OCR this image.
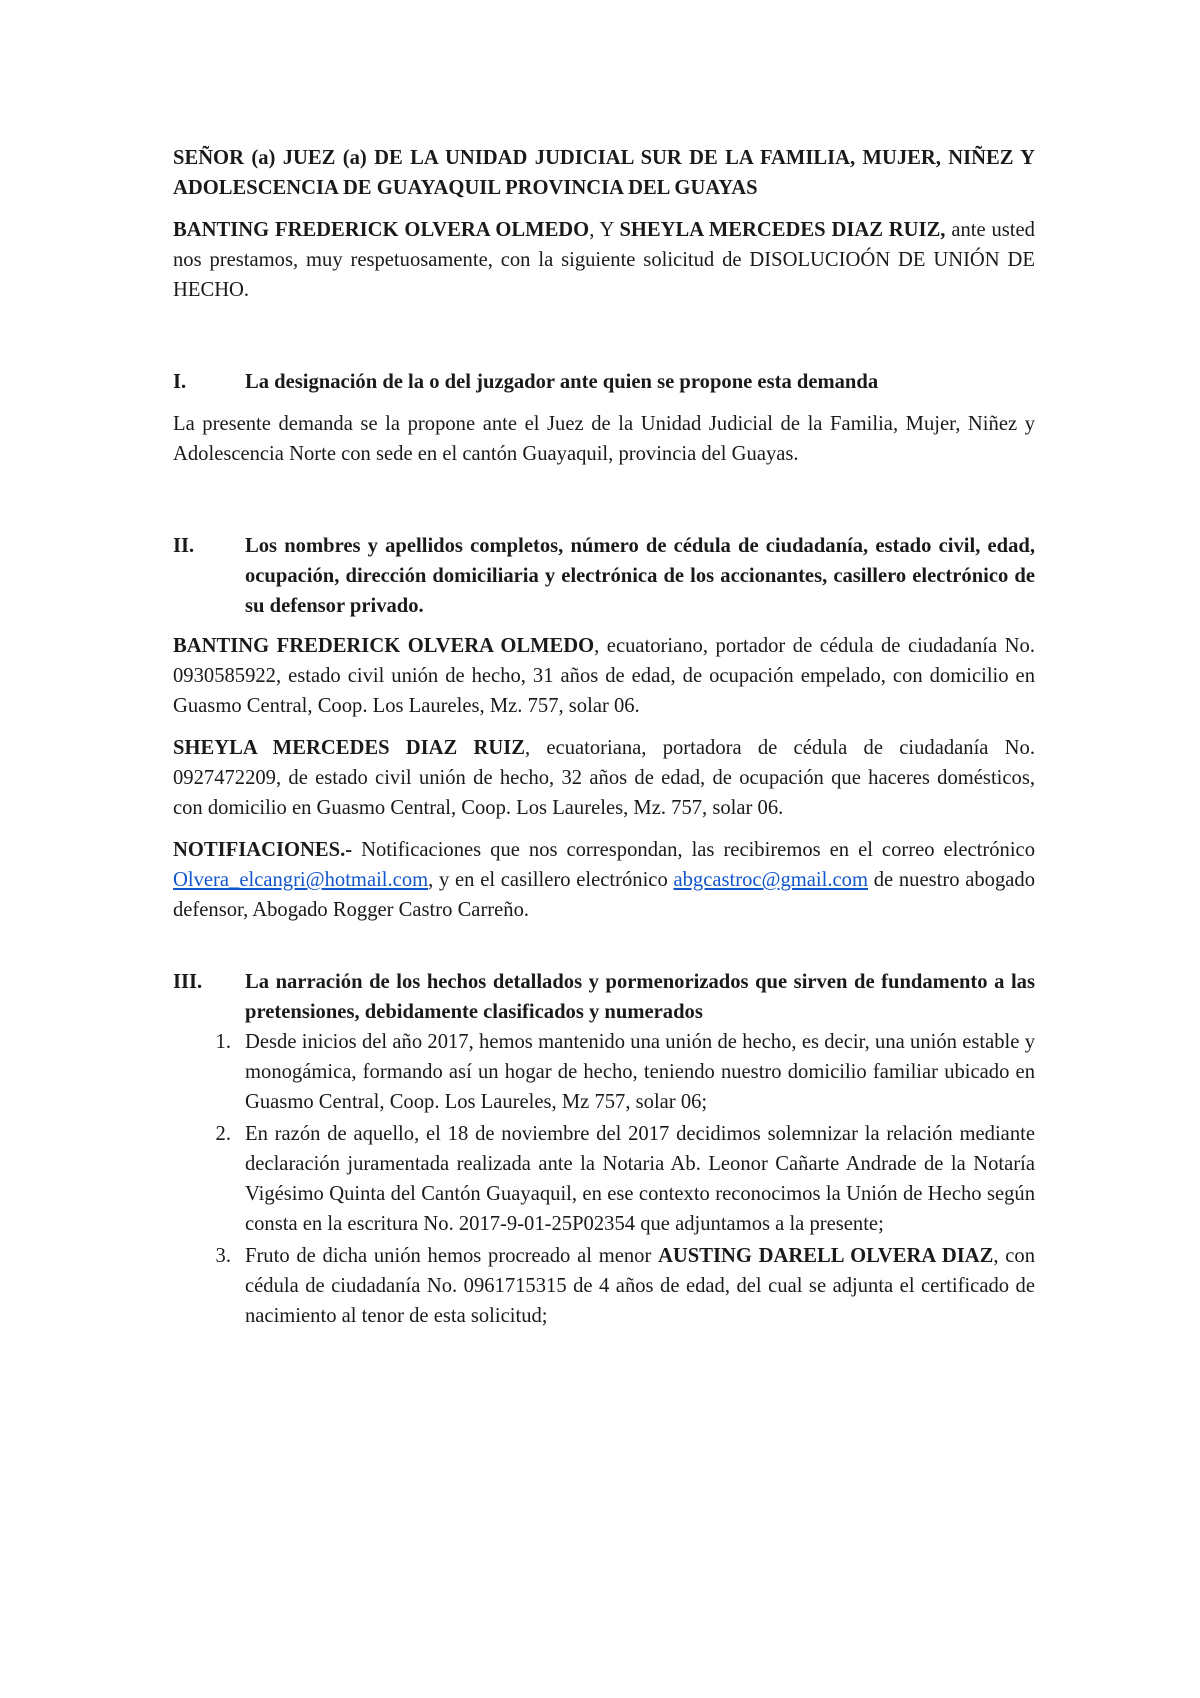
SEÑOR (a) JUEZ (a) DE LA UNIDAD JUDICIAL SUR DE LA FAMILIA, MUJER, NIÑEZ Y ADOLESCENCIA DE GUAYAQUIL PROVINCIA DEL GUAYAS

BANTING FREDERICK OLVERA OLMEDO, Y SHEYLA MERCEDES DIAZ RUIZ, ante usted nos prestamos, muy respetuosamente, con la siguiente solicitud de DISOLUCIOÓN DE UNIÓN DE HECHO.

I.	La designación de la o del juzgador ante quien se propone esta demanda

La presente demanda se la propone ante el Juez de la Unidad Judicial de la Familia, Mujer, Niñez y Adolescencia Norte con sede en el cantón Guayaquil, provincia del Guayas.

II.	Los nombres y apellidos completos, número de cédula de ciudadanía, estado civil, edad, ocupación, dirección domiciliaria y electrónica de los accionantes, casillero electrónico de su defensor privado.

BANTING FREDERICK OLVERA OLMEDO, ecuatoriano, portador de cédula de ciudadanía No. 0930585922, estado civil unión de hecho, 31 años de edad, de ocupación empelado, con domicilio en Guasmo Central, Coop. Los Laureles, Mz. 757, solar 06.

SHEYLA MERCEDES DIAZ RUIZ, ecuatoriana, portadora de cédula de ciudadanía No. 0927472209, de estado civil unión de hecho, 32 años de edad, de ocupación que haceres domésticos, con domicilio en Guasmo Central, Coop. Los Laureles, Mz. 757, solar 06.

NOTIFIACIONES.- Notificaciones que nos correspondan, las recibiremos en el correo electrónico Olvera_elcangri@hotmail.com, y en el casillero electrónico abgcastroc@gmail.com de nuestro abogado defensor, Abogado Rogger Castro Carreño.

III.	La narración de los hechos detallados y pormenorizados que sirven de fundamento a las pretensiones, debidamente clasificados y numerados
1. Desde inicios del año 2017, hemos mantenido una unión de hecho, es decir, una unión estable y monogámica, formando así un hogar de hecho, teniendo nuestro domicilio familiar ubicado en Guasmo Central, Coop. Los Laureles, Mz 757, solar 06;
2. En razón de aquello, el 18 de noviembre del 2017 decidimos solemnizar la relación mediante declaración juramentada realizada ante la Notaria Ab. Leonor Cañarte Andrade de la Notaría Vigésimo Quinta del Cantón Guayaquil, en ese contexto reconocimos la Unión de Hecho según consta en la escritura No. 2017-9-01-25P02354 que adjuntamos a la presente;
3. Fruto de dicha unión hemos procreado al menor AUSTING DARELL OLVERA DIAZ, con cédula de ciudadanía No. 0961715315 de 4 años de edad, del cual se adjunta el certificado de nacimiento al tenor de esta solicitud;
